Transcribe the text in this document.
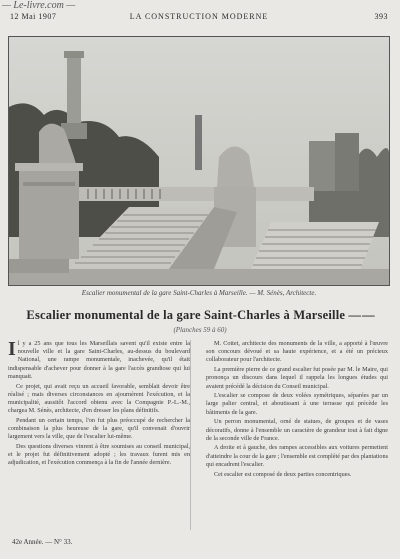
— Le-livre.com —
12 Mai 1907	LA CONSTRUCTION MODERNE	393
Escalier monumental de la gare Saint-Charles à Marseille. — M. Sénès, Architecte.
Escalier monumental de la gare Saint-Charles à Marseille — —
(Planches 59 à 60)

Il y a 25 ans que tous les Marseillais savent qu'il existe entre la nouvelle ville et la gare Saint-Charles, au-dessus du boulevard National, une rampe monumentale, inachevée, qu'il était indispensable d'achever pour donner à la gare l'accès grandiose qui lui manquait.

Ce projet, qui avait reçu un accueil favorable, semblait devoir être réalisé ; mais diverses circonstances en ajournèrent l'exécution, et la municipalité, aussitôt l'accord obtenu avec la Compagnie P.-L.-M., chargea M. Sénès, architecte, d'en dresser les plans définitifs.

Pendant un certain temps, l'on fut plus préoccupé de rechercher la combinaison la plus heureuse de la gare, qu'il convenait d'ouvrir largement vers la ville, que de l'escalier lui-même.

Des questions diverses vinrent à être soumises au conseil municipal, et le projet fut définitivement adopté ; les travaux furent mis en adjudication, et l'exécution commença à la fin de l'année dernière.

M. Cottet, architecte des monuments de la ville, a apporté à l'œuvre son concours dévoué et sa haute expérience, et a été un précieux collaborateur pour l'architecte.

La première pierre de ce grand escalier fut posée par M. le Maire, qui prononça un discours dans lequel il rappela les longues études qui avaient précédé la décision du Conseil municipal.

L'escalier se compose de deux volées symétriques, séparées par un large palier central, et aboutissant à une terrasse qui précède les bâtiments de la gare.

Un perron monumental, orné de statues, de groupes et de vases décoratifs, donne à l'ensemble un caractère de grandeur tout à fait digne de la seconde ville de France.

A droite et à gauche, des rampes accessibles aux voitures permettent d'atteindre la cour de la gare ; l'ensemble est complété par des plantations qui encadrent l'escalier.

Cet escalier est composé de deux parties concentriques.

42e Année. — N° 33.
